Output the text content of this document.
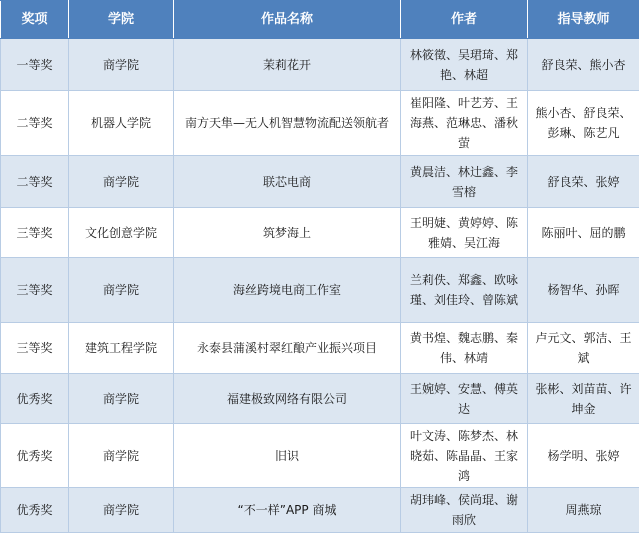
奖项	学院	作品名称	作者	指导教师
一等奖	商学院	茉莉花开	林筱徵、吴珺琦、郑艳、林超	舒良荣、熊小杏
二等奖	机器人学院	南方天隼—无人机智慧物流配送领航者	崔阳隆、叶艺芳、王海燕、范琳忠、潘秋萤	熊小杏、舒良荣、彭琳、陈艺凡
二等奖	商学院	联芯电商	黄晨洁、林辻鑫、李雪榕	舒良荣、张婷
三等奖	文化创意学院	筑梦海上	王明婕、黄婷婷、陈雅婧、吴江海	陈丽叶、屈的鹏
三等奖	商学院	海丝跨境电商工作室	兰莉佚、郑鑫、欧咏瑾、刘佳玲、曾陈斌	杨智华、孙晖
三等奖	建筑工程学院	永泰县蒲溪村翠红酿产业振兴项目	黄书煌、魏志鹏、秦伟、林靖	卢元文、郭洁、王斌
优秀奖	商学院	福建极致网络有限公司	王婉婷、安慧、傅英达	张彬、刘苗苗、许坤金
优秀奖	商学院	旧识	叶文涛、陈梦杰、林晓茹、陈晶晶、王家鸿	杨学明、张婷
优秀奖	商学院	“不一样”APP 商城	胡玮峰、侯尚琨、谢雨欣	周燕琼
